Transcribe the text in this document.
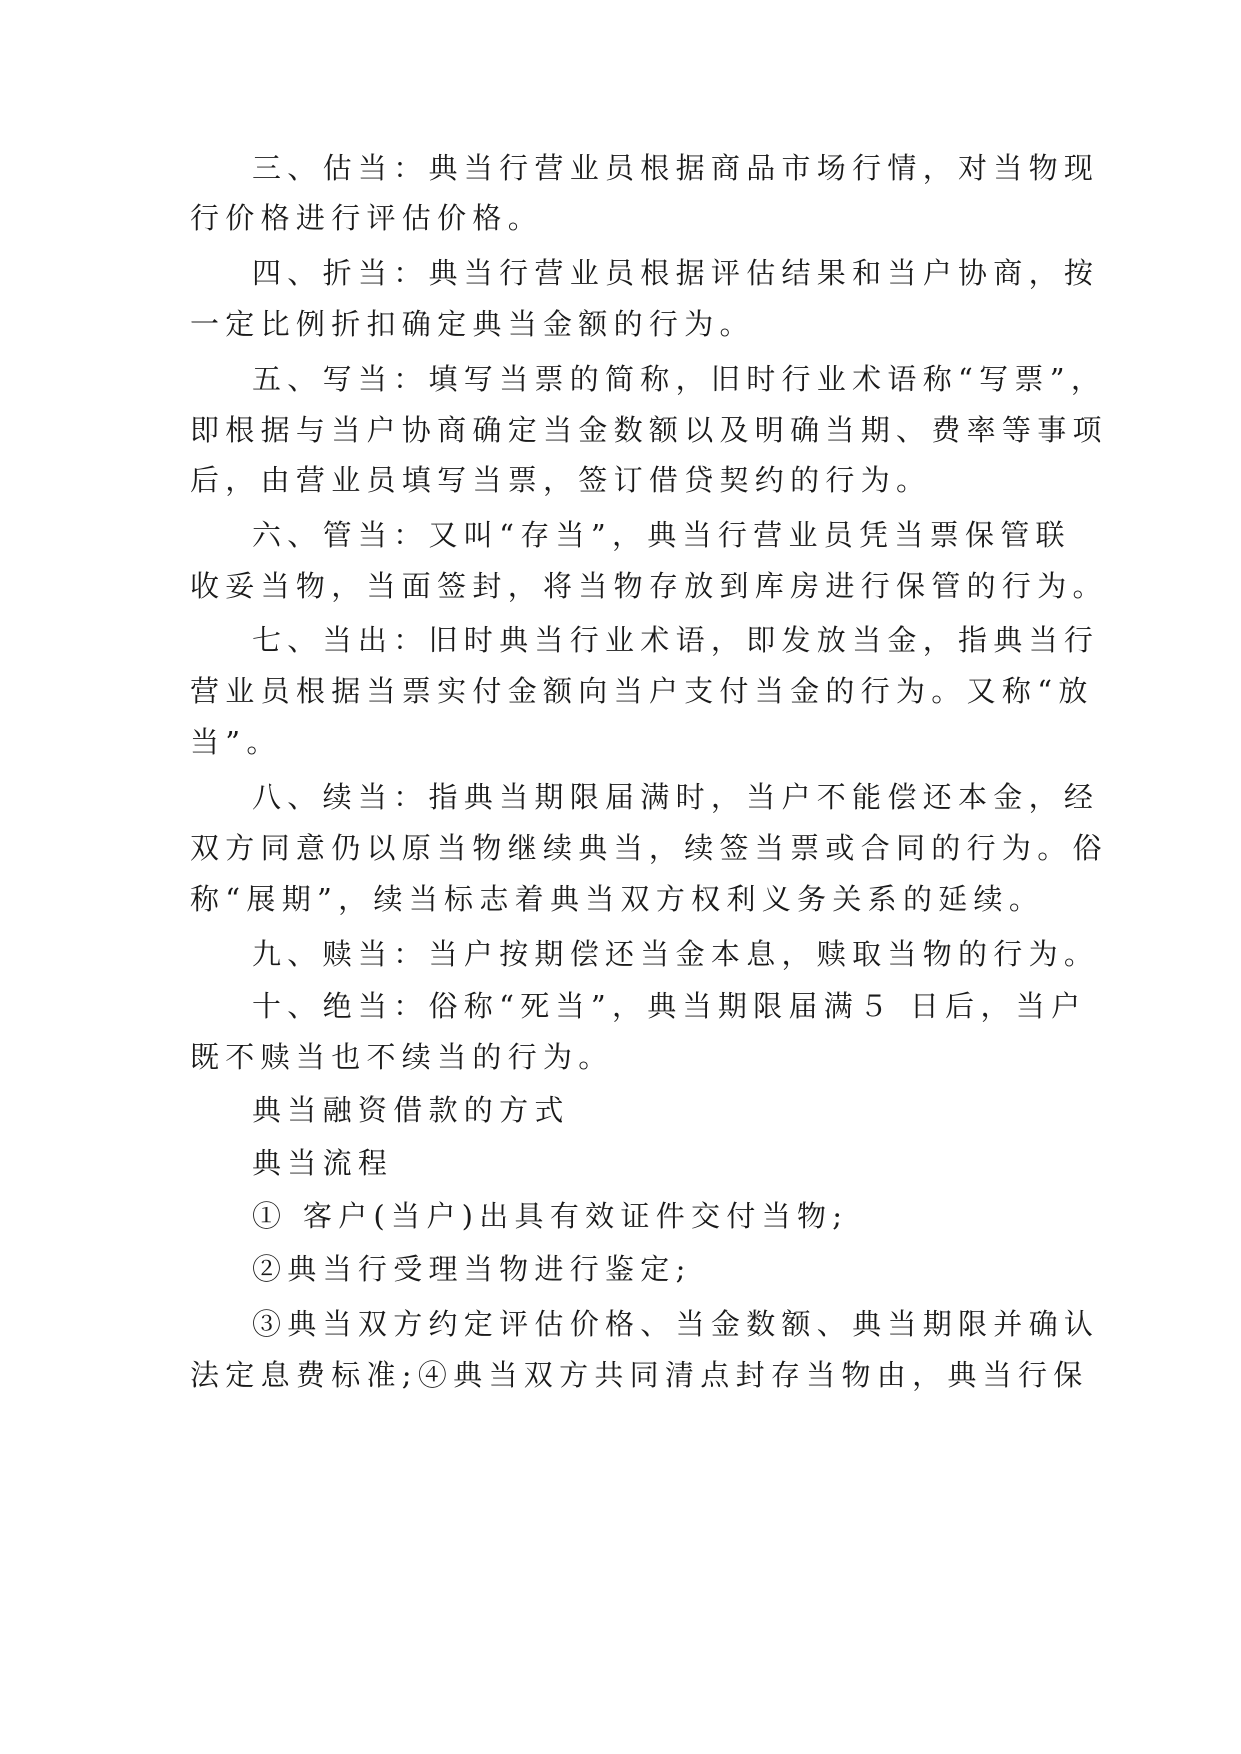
三、估当：典当行营业员根据商品市场行情，对当物现
行价格进行评估价格。
四、折当：典当行营业员根据评估结果和当户协商，按
一定比例折扣确定典当金额的行为。
五、写当：填写当票的简称，旧时行业术语称“写票”，
即根据与当户协商确定当金数额以及明确当期、费率等事项
后，由营业员填写当票，签订借贷契约的行为。
六、管当：又叫“存当”，典当行营业员凭当票保管联
收妥当物，当面签封，将当物存放到库房进行保管的行为。
七、当出：旧时典当行业术语，即发放当金，指典当行
营业员根据当票实付金额向当户支付当金的行为。又称“放
当”。
八、续当：指典当期限届满时，当户不能偿还本金，经
双方同意仍以原当物继续典当，续签当票或合同的行为。俗
称“展期”，续当标志着典当双方权利义务关系的延续。
九、赎当：当户按期偿还当金本息，赎取当物的行为。
十、绝当：俗称“死当”，典当期限届满５ 日后，当户
既不赎当也不续当的行为。
典当融资借款的方式
典当流程
① 客户(当户)出具有效证件交付当物;
②典当行受理当物进行鉴定;
③典当双方约定评估价格、当金数额、典当期限并确认
法定息费标准;④典当双方共同清点封存当物由，典当行保
